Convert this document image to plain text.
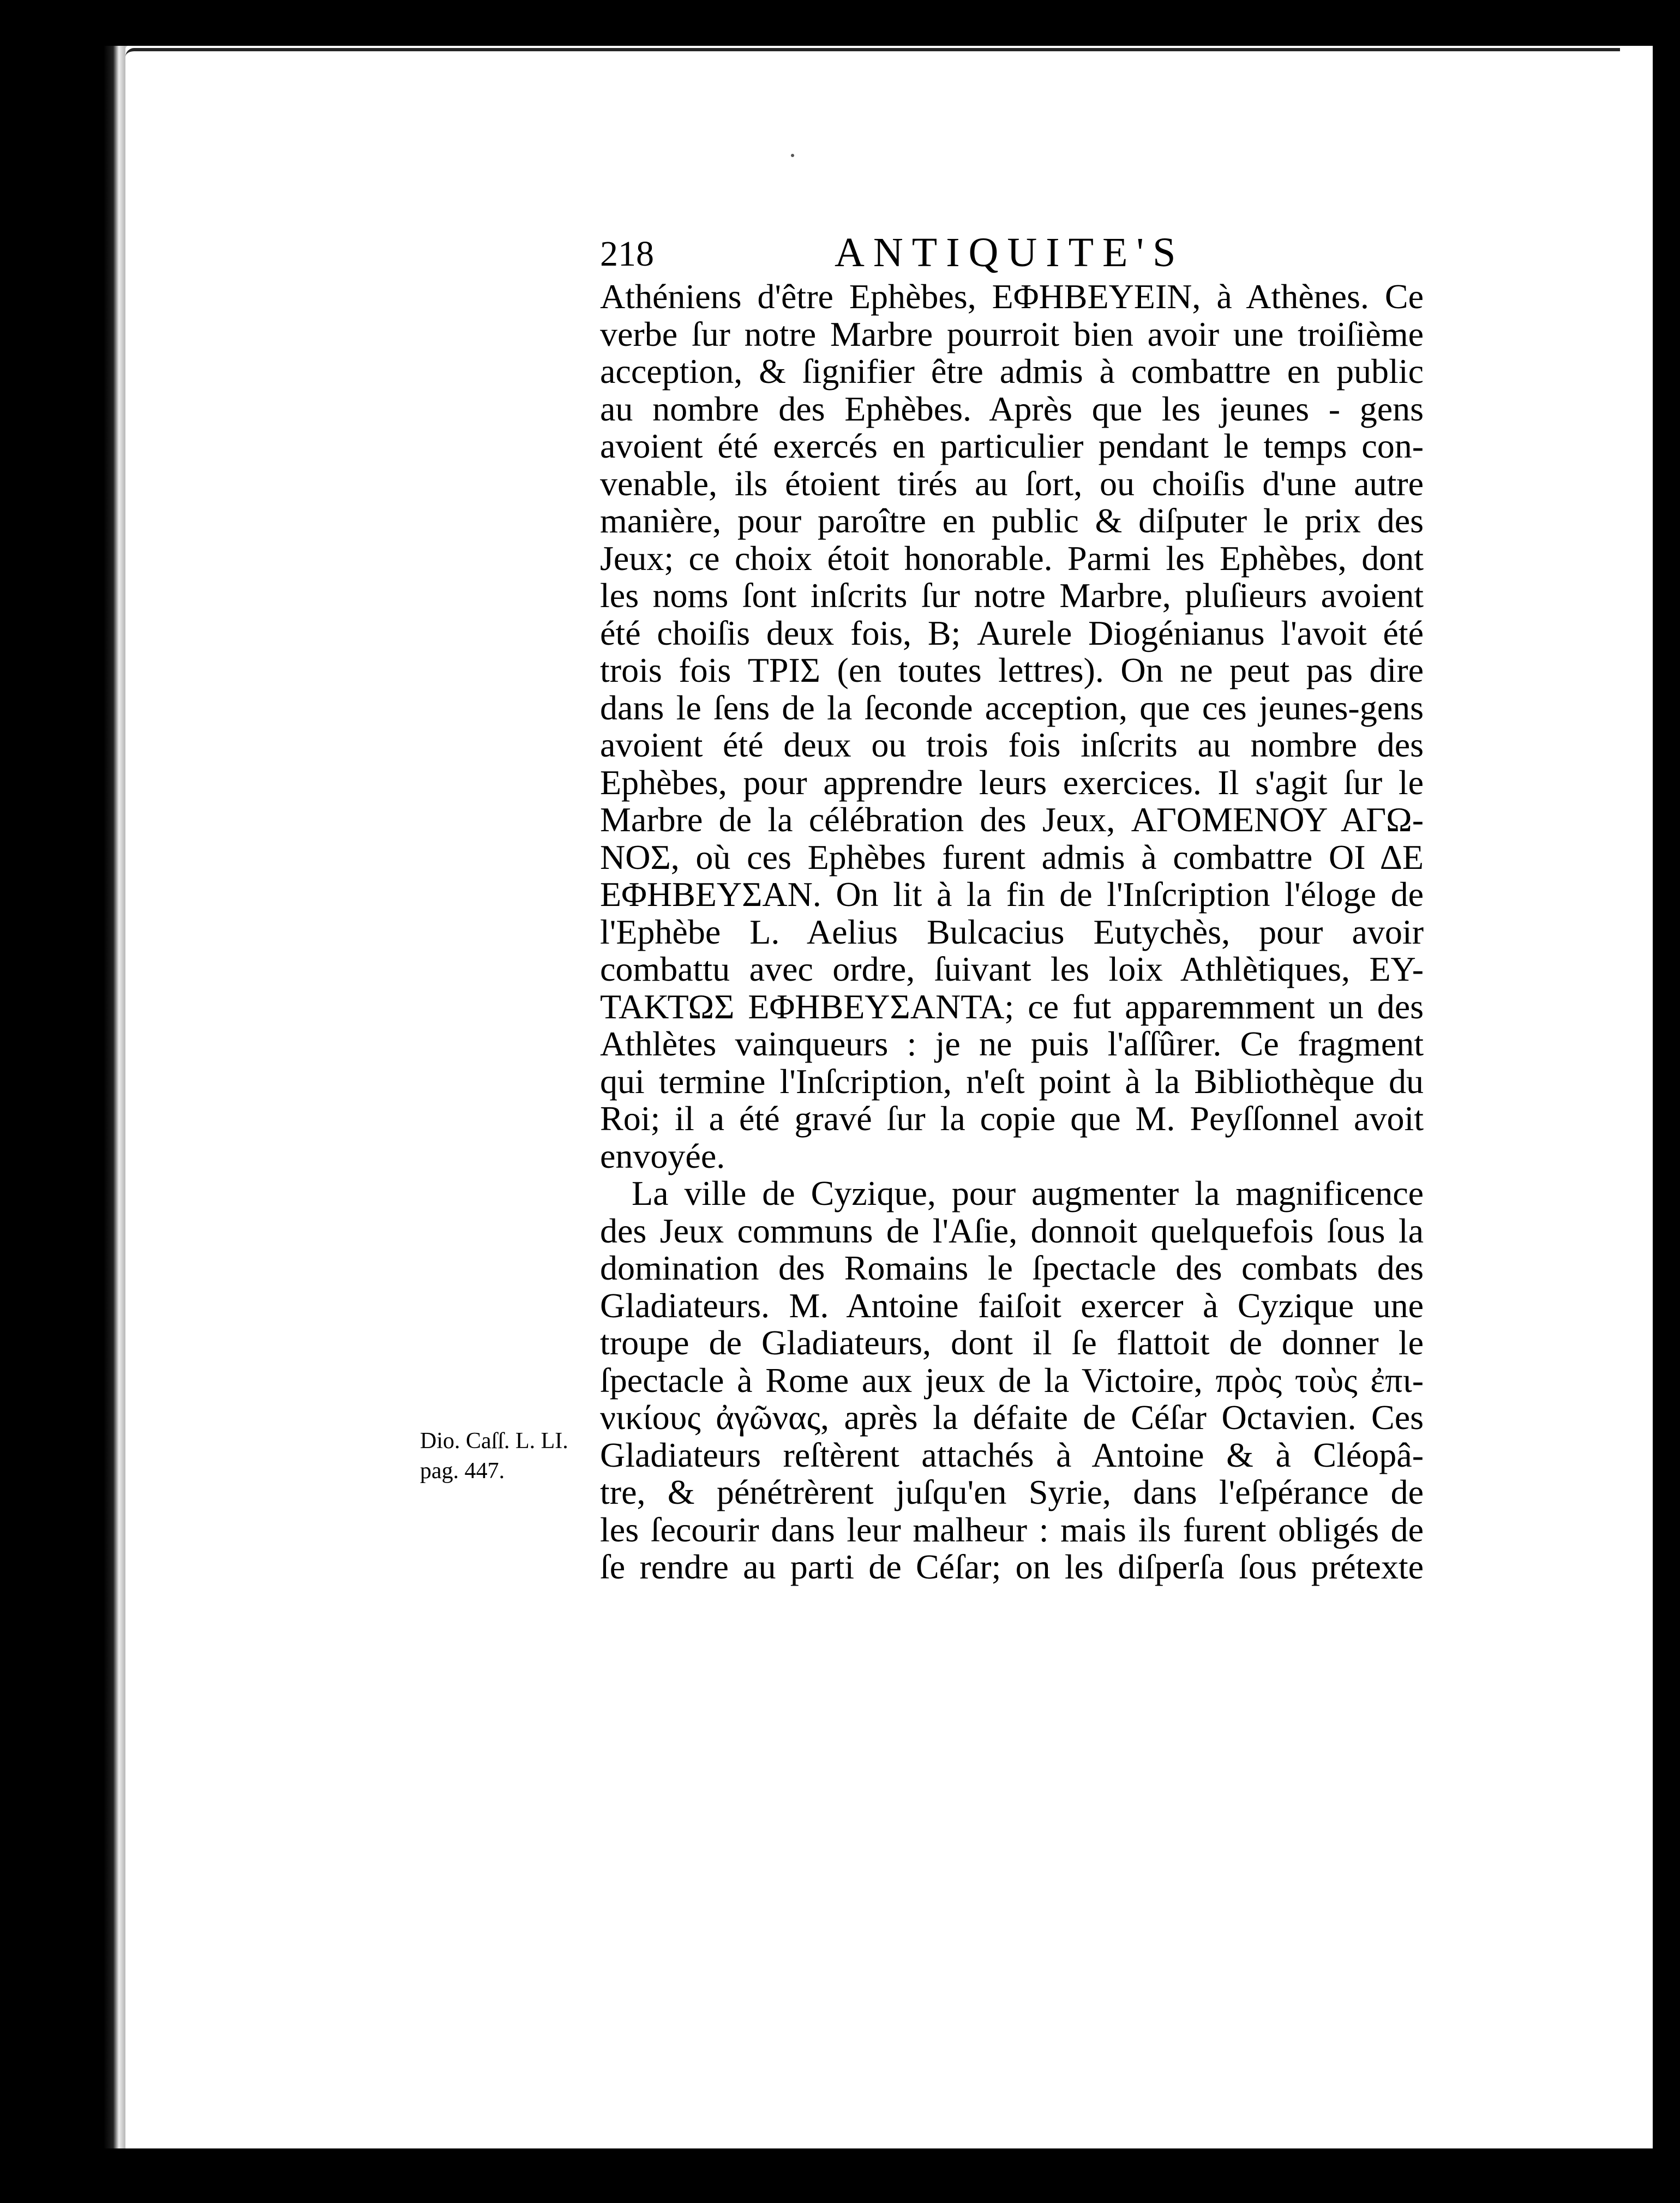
218	ANTIQUITE'S
Athéniens d'être Ephèbes, ΕΦΗΒΕΥΕΙΝ, à Athènes. Ce
verbe ſur notre Marbre pourroit bien avoir une troiſième
acception, & ſignifier être admis à combattre en public
au nombre des Ephèbes. Après que les jeunes - gens
avoient été exercés en particulier pendant le temps con-
venable, ils étoient tirés au ſort, ou choiſis d'une autre
manière, pour paroître en public & diſputer le prix des
Jeux; ce choix étoit honorable. Parmi les Ephèbes, dont
les noms ſont inſcrits ſur notre Marbre, pluſieurs avoient
été choiſis deux fois, Β; Aurele Diogénianus l'avoit été
trois fois ΤΡΙΣ (en toutes lettres). On ne peut pas dire
dans le ſens de la ſeconde acception, que ces jeunes-gens
avoient été deux ou trois fois inſcrits au nombre des
Ephèbes, pour apprendre leurs exercices. Il s'agit ſur le
Marbre de la célébration des Jeux, ΑΓΟΜΕΝΟΥ ΑΓΩ-
ΝΟΣ, où ces Ephèbes furent admis à combattre ΟΙ ΔΕ
ΕΦΗΒΕΥΣΑΝ. On lit à la fin de l'Inſcription l'éloge de
l'Ephèbe L. Aelius Bulcacius Eutychès, pour avoir
combattu avec ordre, ſuivant les loix Athlètiques, ΕΥ-
ΤΑΚΤΩΣ ΕΦΗΒΕΥΣΑΝΤΑ; ce fut apparemment un des
Athlètes vainqueurs : je ne puis l'aſſûrer. Ce fragment
qui termine l'Inſcription, n'eſt point à la Bibliothèque du
Roi; il a été gravé ſur la copie que M. Peyſſonnel avoit
envoyée.
La ville de Cyzique, pour augmenter la magnificence
des Jeux communs de l'Aſie, donnoit quelquefois ſous la
domination des Romains le ſpectacle des combats des
Gladiateurs. M. Antoine faiſoit exercer à Cyzique une
troupe de Gladiateurs, dont il ſe flattoit de donner le
ſpectacle à Rome aux jeux de la Victoire, πρὸς τοὺς ἐπι-
νικίους ἀγῶνας, après la défaite de Céſar Octavien. Ces
Gladiateurs reſtèrent attachés à Antoine & à Cléopâ-
tre, & pénétrèrent juſqu'en Syrie, dans l'eſpérance de
les ſecourir dans leur malheur : mais ils furent obligés de
ſe rendre au parti de Céſar; on les diſperſa ſous prétexte
Dio. Caſſ. L. LI.
pag. 447.
